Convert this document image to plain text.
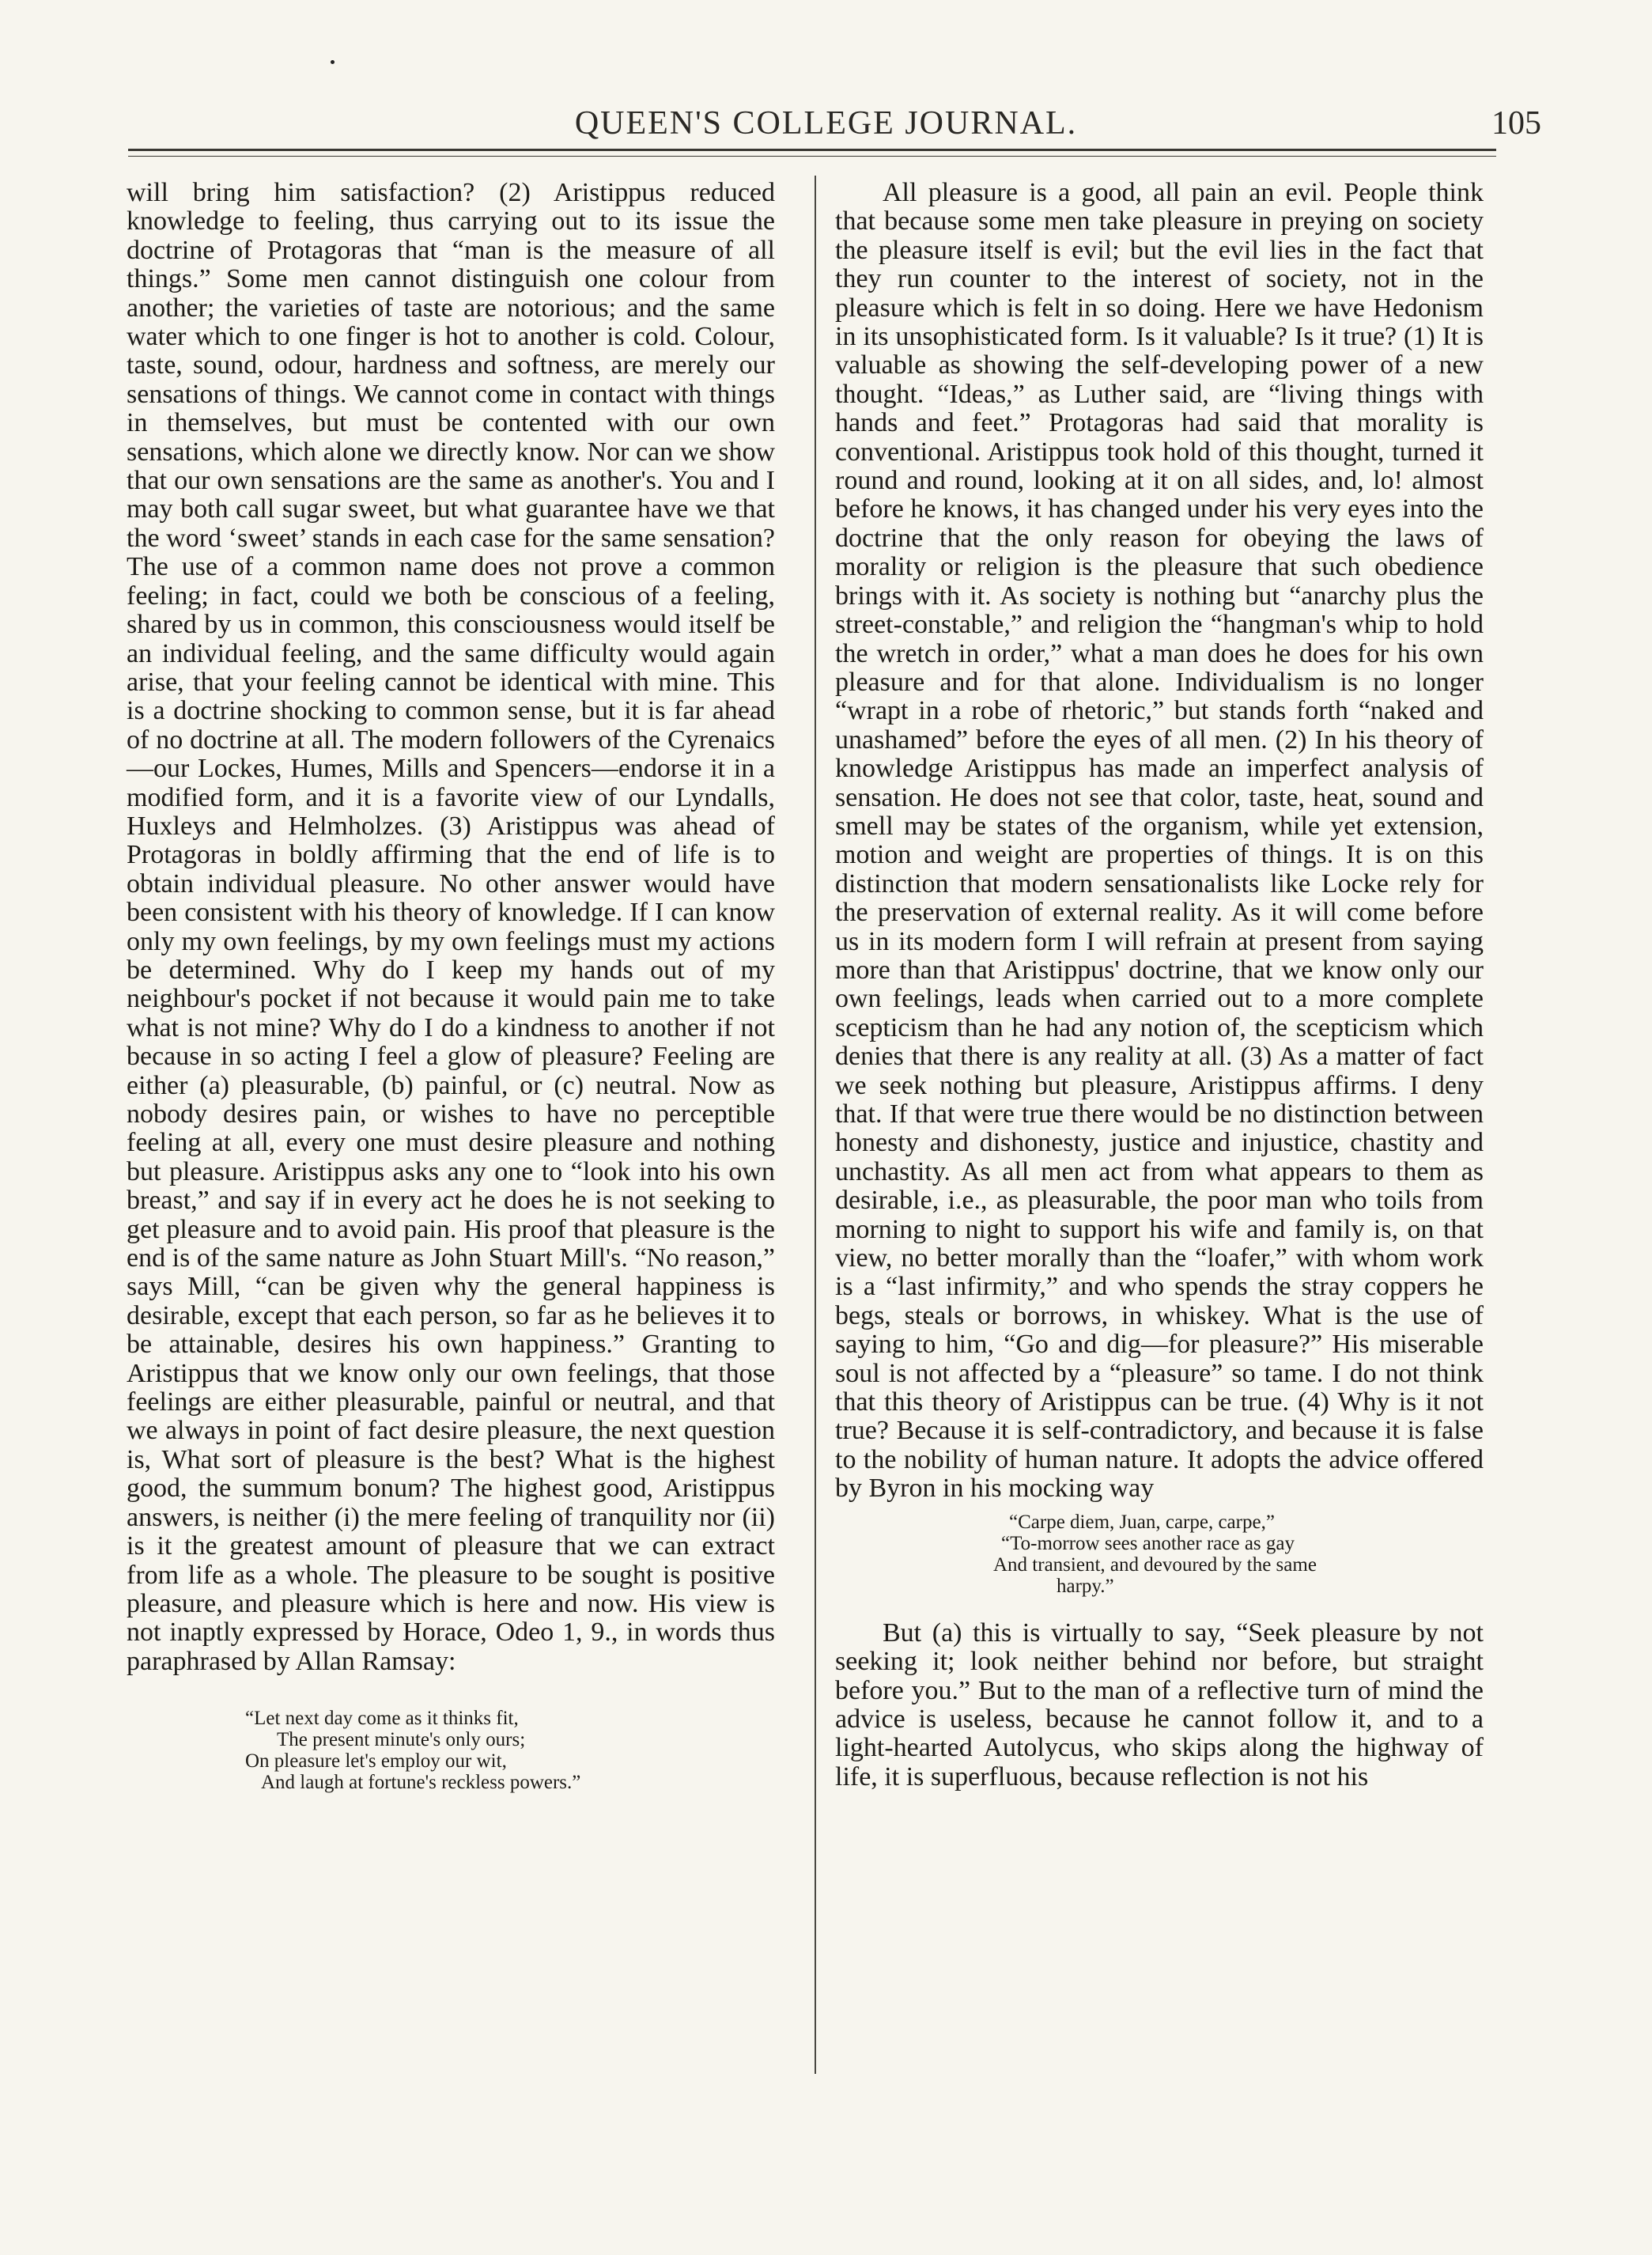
QUEEN'S COLLEGE JOURNAL.	105

will bring him satisfaction? (2) Aristippus reduced knowledge to feeling, thus carrying out to its issue the doctrine of Protagoras that “man is the measure of all things.” Some men cannot distinguish one colour from another; the varieties of taste are notorious; and the same water which to one finger is hot to another is cold. Colour, taste, sound, odour, hardness and softness, are merely our sensations of things. We cannot come in contact with things in themselves, but must be contented with our own sensations, which alone we directly know. Nor can we show that our own sensations are the same as another's. You and I may both call sugar sweet, but what guarantee have we that the word ‘sweet’ stands in each case for the same sensation? The use of a common name does not prove a common feeling; in fact, could we both be conscious of a feeling, shared by us in common, this consciousness would itself be an individual feeling, and the same difficulty would again arise, that your feeling cannot be identical with mine. This is a doctrine shocking to common sense, but it is far ahead of no doctrine at all. The modern followers of the Cyrenaics—our Lockes, Humes, Mills and Spencers—endorse it in a modified form, and it is a favorite view of our Lyndalls, Huxleys and Helmholzes. (3) Aristippus was ahead of Protagoras in boldly affirming that the end of life is to obtain individual pleasure. No other answer would have been consistent with his theory of knowledge. If I can know only my own feelings, by my own feelings must my actions be determined. Why do I keep my hands out of my neighbour's pocket if not because it would pain me to take what is not mine? Why do I do a kindness to another if not because in so acting I feel a glow of pleasure? Feeling are either (a) pleasurable, (b) painful, or (c) neutral. Now as nobody desires pain, or wishes to have no perceptible feeling at all, every one must desire pleasure and nothing but pleasure. Aristippus asks any one to “look into his own breast,” and say if in every act he does he is not seeking to get pleasure and to avoid pain. His proof that pleasure is the end is of the same nature as John Stuart Mill's. “No reason,” says Mill, “can be given why the general happiness is desirable, except that each person, so far as he believes it to be attainable, desires his own happiness.” Granting to Aristippus that we know only our own feelings, that those feelings are either pleasurable, painful or neutral, and that we always in point of fact desire pleasure, the next question is, What sort of pleasure is the best? What is the highest good, the summum bonum? The highest good, Aristippus answers, is neither (i) the mere feeling of tranquility nor (ii) is it the greatest amount of pleasure that we can extract from life as a whole. The pleasure to be sought is positive pleasure, and pleasure which is here and now. His view is not inaptly expressed by Horace, Odeo 1, 9., in words thus paraphrased by Allan Ramsay:

“Let next day come as it thinks fit,
The present minute's only ours;
On pleasure let's employ our wit,
And laugh at fortune's reckless powers.”

All pleasure is a good, all pain an evil. People think that because some men take pleasure in preying on society the pleasure itself is evil; but the evil lies in the fact that they run counter to the interest of society, not in the pleasure which is felt in so doing. Here we have Hedonism in its unsophisticated form. Is it valuable? Is it true? (1) It is valuable as showing the self-developing power of a new thought. “Ideas,” as Luther said, are “living things with hands and feet.” Protagoras had said that morality is conventional. Aristippus took hold of this thought, turned it round and round, looking at it on all sides, and, lo! almost before he knows, it has changed under his very eyes into the doctrine that the only reason for obeying the laws of morality or religion is the pleasure that such obedience brings with it. As society is nothing but “anarchy plus the street-constable,” and religion the “hangman's whip to hold the wretch in order,” what a man does he does for his own pleasure and for that alone. Individualism is no longer “wrapt in a robe of rhetoric,” but stands forth “naked and unashamed” before the eyes of all men. (2) In his theory of knowledge Aristippus has made an imperfect analysis of sensation. He does not see that color, taste, heat, sound and smell may be states of the organism, while yet extension, motion and weight are properties of things. It is on this distinction that modern sensationalists like Locke rely for the preservation of external reality. As it will come before us in its modern form I will refrain at present from saying more than that Aristippus' doctrine, that we know only our own feelings, leads when carried out to a more complete scepticism than he had any notion of, the scepticism which denies that there is any reality at all. (3) As a matter of fact we seek nothing but pleasure, Aristippus affirms. I deny that. If that were true there would be no distinction between honesty and dishonesty, justice and injustice, chastity and unchastity. As all men act from what appears to them as desirable, i.e., as pleasurable, the poor man who toils from morning to night to support his wife and family is, on that view, no better morally than the “loafer,” with whom work is a “last infirmity,” and who spends the stray coppers he begs, steals or borrows, in whiskey. What is the use of saying to him, “Go and dig—for pleasure?” His miserable soul is not affected by a “pleasure” so tame. I do not think that this theory of Aristippus can be true. (4) Why is it not true? Because it is self-contradictory, and because it is false to the nobility of human nature. It adopts the advice offered by Byron in his mocking way

“Carpe diem, Juan, carpe, carpe,”
“To-morrow sees another race as gay
And transient, and devoured by the same
harpy.”

But (a) this is virtually to say, “Seek pleasure by not seeking it; look neither behind nor before, but straight before you.” But to the man of a reflective turn of mind the advice is useless, because he cannot follow it, and to a light-hearted Autolycus, who skips along the highway of life, it is superfluous, because reflection is not his
